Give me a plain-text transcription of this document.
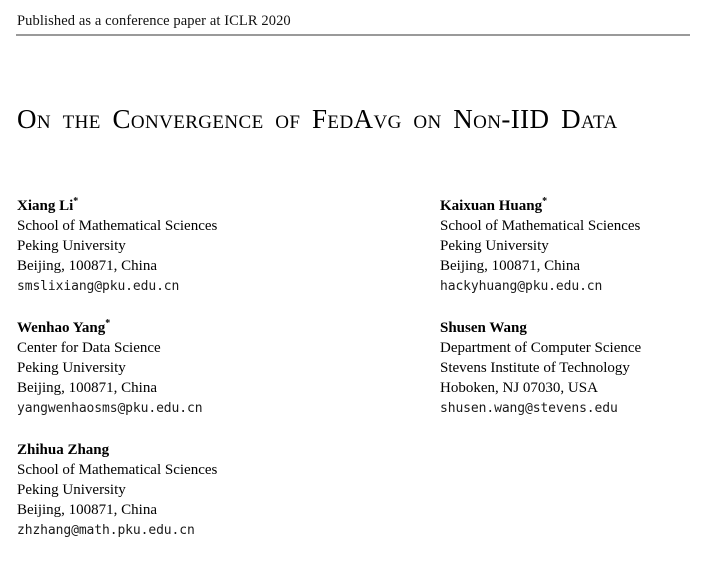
Published as a conference paper at ICLR 2020
On the Convergence of FedAvg on Non-IID Data
Xiang Li*
School of Mathematical Sciences
Peking University
Beijing, 100871, China
smslixiang@pku.edu.cn
Kaixuan Huang*
School of Mathematical Sciences
Peking University
Beijing, 100871, China
hackyhuang@pku.edu.cn
Wenhao Yang*
Center for Data Science
Peking University
Beijing, 100871, China
yangwenhaosms@pku.edu.cn
Shusen Wang
Department of Computer Science
Stevens Institute of Technology
Hoboken, NJ 07030, USA
shusen.wang@stevens.edu
Zhihua Zhang
School of Mathematical Sciences
Peking University
Beijing, 100871, China
zhzhang@math.pku.edu.cn
